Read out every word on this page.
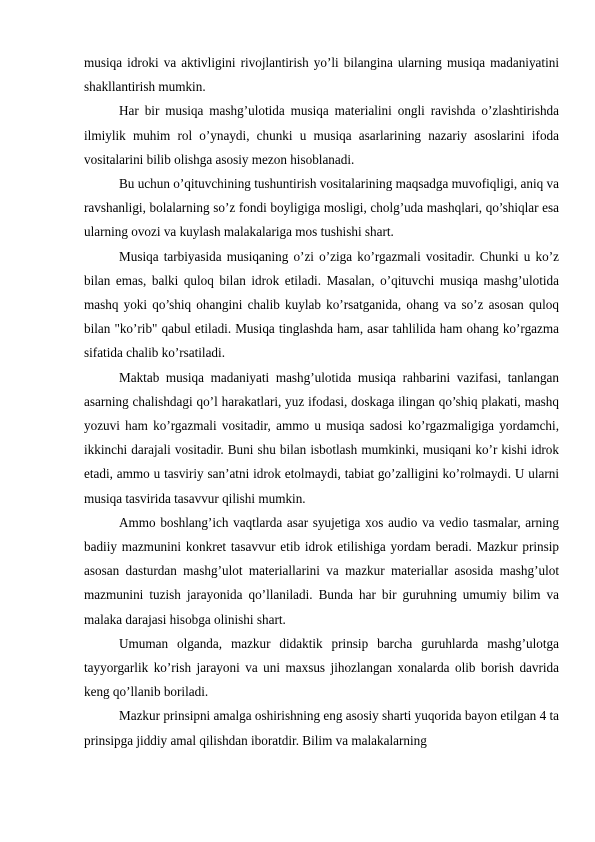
musiqa idroki va aktivligini rivojlantirish yo’li bilangina ularning musiqa madaniyatini shakllantirish mumkin.

Har bir musiqa mashg’ulotida musiqa materialini ongli ravishda o’zlashtirishda ilmiylik muhim rol o’ynaydi, chunki u musiqa asarlarining nazariy asoslarini ifoda vositalarini bilib olishga asosiy mezon hisoblanadi.

Bu uchun o’qituvchining tushuntirish vositalarining maqsadga muvofiqligi, aniq va ravshanligi, bolalarning so’z fondi boyligiga mosligi, cholg’uda mashqlari, qo’shiqlar esa ularning ovozi va kuylash malakalariga mos tushishi shart.

Musiqa tarbiyasida musiqaning o’zi o’ziga ko’rgazmali vositadir. Chunki u ko’z bilan emas, balki quloq bilan idrok etiladi. Masalan, o’qituvchi musiqa mashg’ulotida mashq yoki qo’shiq ohangini chalib kuylab ko’rsatganida, ohang va so’z asosan quloq bilan "ko’rib" qabul etiladi. Musiqa tinglashda ham, asar tahlilida ham ohang ko’rgazma sifatida chalib ko’rsatiladi.

Maktab musiqa madaniyati mashg’ulotida musiqa rahbarini vazifasi, tanlangan asarning chalishdagi qo’l harakatlari, yuz ifodasi, doskaga ilingan qo’shiq plakati, mashq yozuvi ham ko’rgazmali vositadir, ammo u musiqa sadosi ko’rgazmaligiga yordamchi, ikkinchi darajali vositadir. Buni shu bilan isbotlash mumkinki, musiqani ko’r kishi idrok etadi, ammo u tasviriy san’atni idrok etolmaydi, tabiat go’zalligini ko’rolmaydi. U ularni musiqa tasvirida tasavvur qilishi mumkin.

Ammo boshlang’ich vaqtlarda asar syujetiga xos audio va vedio tasmalar, arning badiiy mazmunini konkret tasavvur etib idrok etilishiga yordam beradi. Mazkur prinsip asosan dasturdan mashg’ulot materiallarini va mazkur materiallar asosida mashg’ulot mazmunini tuzish jarayonida qo’llaniladi. Bunda har bir guruhning umumiy bilim va malaka darajasi hisobga olinishi shart.

Umuman olganda, mazkur didaktik prinsip barcha guruhlarda mashg’ulotga tayyorgarlik ko’rish jarayoni va uni maxsus jihozlangan xonalarda olib borish davrida keng qo’llanib boriladi.

Mazkur prinsipni amalga oshirishning eng asosiy sharti yuqorida bayon etilgan 4 ta prinsipga jiddiy amal qilishdan iboratdir. Bilim va malakalarning
